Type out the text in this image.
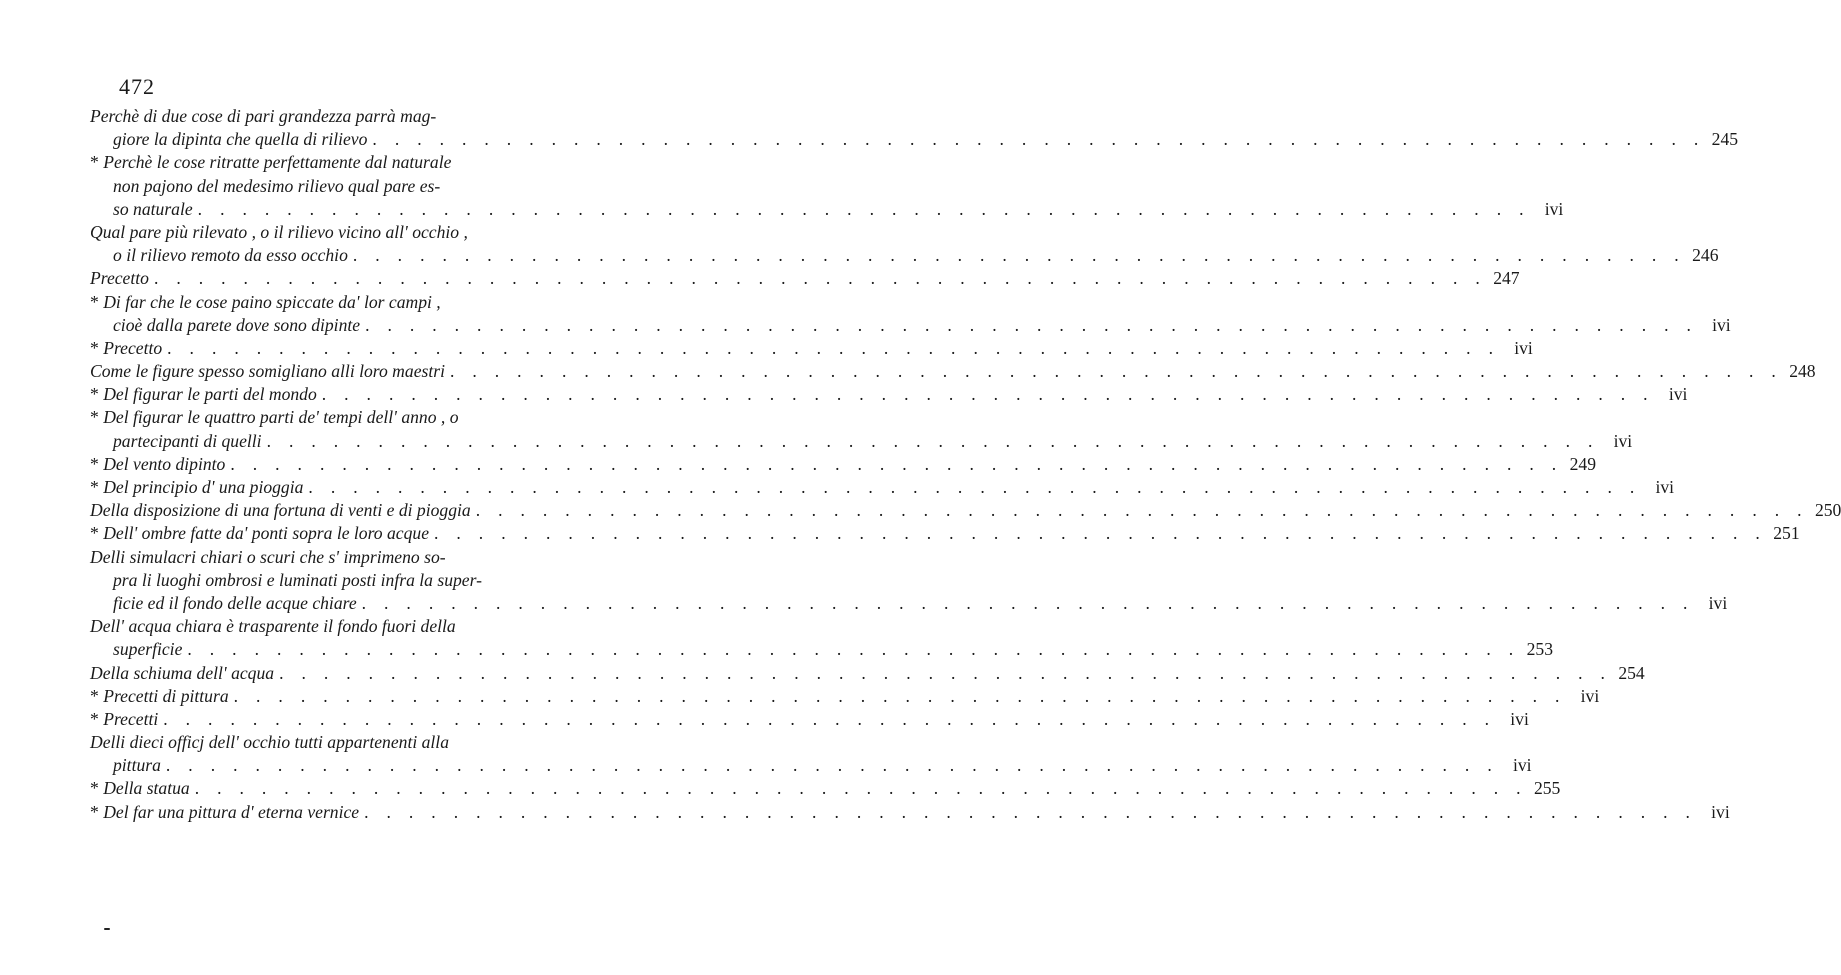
472
Perchè di due cose di pari grandezza parrà mag-
giore la dipinta che quella di rilievo . . . . . . . . . . . . . . . . . . . . . . . . . . . . . . . . . . . . . . . . . . . . . . . . . . . . . . . . . . . . 245
* Perchè le cose ritratte perfettamente dal naturale
non pajono del medesimo rilievo qual pare es-
so naturale . . . . . . . . . . . . . . . . . . . . . . . . . . . . . . . . . . . . . . . . . . . . . . . . . . . . . . . . . . . . ivi
Qual pare più rilevato , o il rilievo vicino all' occhio ,
o il rilievo remoto da esso occhio . . . . . . . . . . . . . . . . . . . . . . . . . . . . . . . . . . . . . . . . . . . . . . . . . . . . . . . . . . . . 246
Precetto . . . . . . . . . . . . . . . . . . . . . . . . . . . . . . . . . . . . . . . . . . . . . . . . . . . . . . . . . . . . 247
* Di far che le cose paino spiccate da' lor campi ,
cioè dalla parete dove sono dipinte . . . . . . . . . . . . . . . . . . . . . . . . . . . . . . . . . . . . . . . . . . . . . . . . . . . . . . . . . . . . ivi
* Precetto . . . . . . . . . . . . . . . . . . . . . . . . . . . . . . . . . . . . . . . . . . . . . . . . . . . . . . . . . . . . ivi
Come le figure spesso somigliano alli loro maestri . . . . . . . . . . . . . . . . . . . . . . . . . . . . . . . . . . . . . . . . . . . . . . . . . . . . . . . . . . . . 248
* Del figurar le parti del mondo . . . . . . . . . . . . . . . . . . . . . . . . . . . . . . . . . . . . . . . . . . . . . . . . . . . . . . . . . . . . ivi
* Del figurar le quattro parti de' tempi dell' anno , o
partecipanti di quelli . . . . . . . . . . . . . . . . . . . . . . . . . . . . . . . . . . . . . . . . . . . . . . . . . . . . . . . . . . . . ivi
* Del vento dipinto . . . . . . . . . . . . . . . . . . . . . . . . . . . . . . . . . . . . . . . . . . . . . . . . . . . . . . . . . . . . 249
* Del principio d' una pioggia . . . . . . . . . . . . . . . . . . . . . . . . . . . . . . . . . . . . . . . . . . . . . . . . . . . . . . . . . . . . ivi
Della disposizione di una fortuna di venti e di pioggia . . . . . . . . . . . . . . . . . . . . . . . . . . . . . . . . . . . . . . . . . . . . . . . . . . . . . . . . . . . . 250
* Dell' ombre fatte da' ponti sopra le loro acque . . . . . . . . . . . . . . . . . . . . . . . . . . . . . . . . . . . . . . . . . . . . . . . . . . . . . . . . . . . . 251
Delli simulacri chiari o scuri che s' imprimeno so-
pra li luoghi ombrosi e luminati posti infra la super-
ficie ed il fondo delle acque chiare . . . . . . . . . . . . . . . . . . . . . . . . . . . . . . . . . . . . . . . . . . . . . . . . . . . . . . . . . . . . ivi
Dell' acqua chiara è trasparente il fondo fuori della
superficie . . . . . . . . . . . . . . . . . . . . . . . . . . . . . . . . . . . . . . . . . . . . . . . . . . . . . . . . . . . . 253
Della schiuma dell' acqua . . . . . . . . . . . . . . . . . . . . . . . . . . . . . . . . . . . . . . . . . . . . . . . . . . . . . . . . . . . . 254
* Precetti di pittura . . . . . . . . . . . . . . . . . . . . . . . . . . . . . . . . . . . . . . . . . . . . . . . . . . . . . . . . . . . . ivi
* Precetti . . . . . . . . . . . . . . . . . . . . . . . . . . . . . . . . . . . . . . . . . . . . . . . . . . . . . . . . . . . . ivi
Delli dieci officj dell' occhio tutti appartenenti alla
pittura . . . . . . . . . . . . . . . . . . . . . . . . . . . . . . . . . . . . . . . . . . . . . . . . . . . . . . . . . . . . ivi
* Della statua . . . . . . . . . . . . . . . . . . . . . . . . . . . . . . . . . . . . . . . . . . . . . . . . . . . . . . . . . . . . 255
* Del far una pittura d' eterna vernice . . . . . . . . . . . . . . . . . . . . . . . . . . . . . . . . . . . . . . . . . . . . . . . . . . . . . . . . . . . . ivi
